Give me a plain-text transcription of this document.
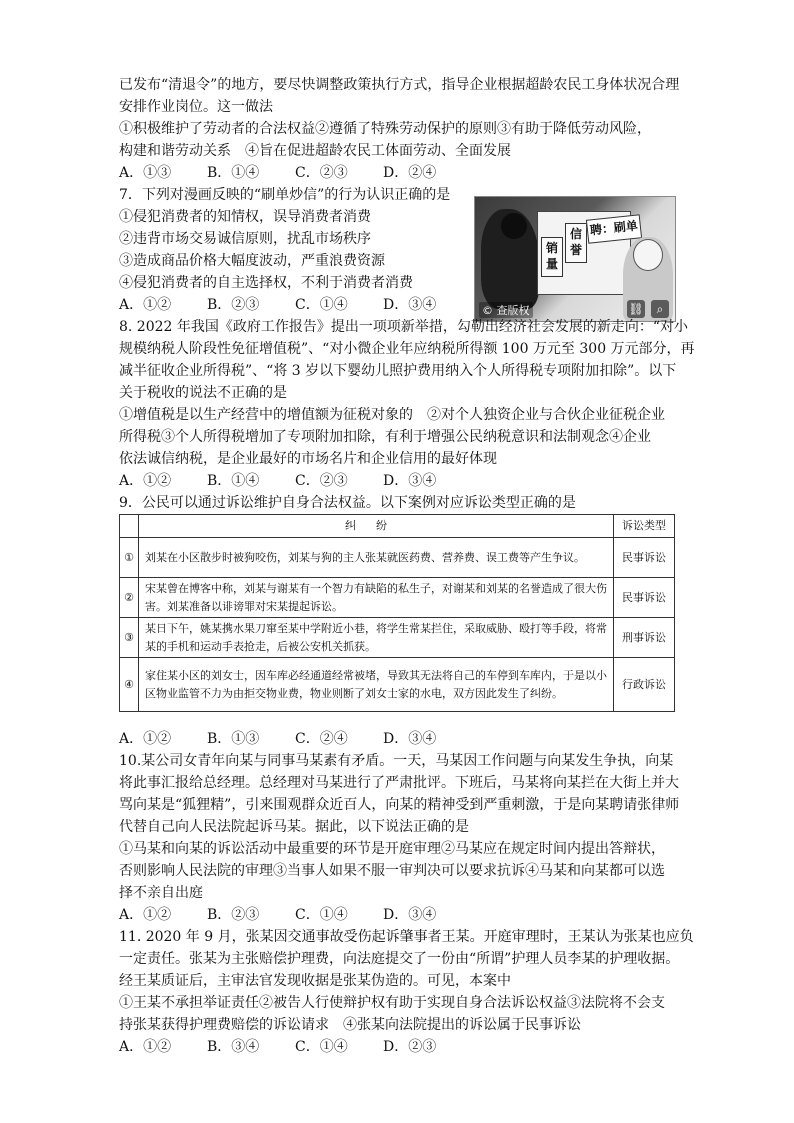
已发布“清退令”的地方，要尽快调整政策执行方式，指导企业根据超龄农民工身体状况合理
安排作业岗位。这一做法
①积极维护了劳动者的合法权益②遵循了特殊劳动保护的原则③有助于降低劳动风险，
构建和谐劳动关系　④旨在促进超龄农民工体面劳动、全面发展
A．①③	B．①④	C．②③	D．②④
7．下列对漫画反映的“刷单炒信”的行为认识正确的是
①侵犯消费者的知情权，误导消费者消费
②违背市场交易诚信原则，扰乱市场秩序
③造成商品价格大幅度波动，严重浪费资源
④侵犯消费者的自主选择权，不利于消费者消费
A．①②	B．②③	C．①④	D．③④
销量
信誉
聘：刷单
© 查版权	⛓	⌕
8. 2022 年我国《政府工作报告》提出一项项新举措，勾勒出经济社会发展的新走向：“对小
规模纳税人阶段性免征增值税”、“对小微企业年应纳税所得额 100 万元至 300 万元部分，再
减半征收企业所得税”、“将 3 岁以下婴幼儿照护费用纳入个人所得税专项附加扣除”。以下
关于税收的说法不正确的是
①增值税是以生产经营中的增值额为征税对象的　②对个人独资企业与合伙企业征税企业
所得税③个人所得税增加了专项附加扣除，有利于增强公民纳税意识和法制观念④企业
依法诚信纳税，是企业最好的市场名片和企业信用的最好体现
A．①②	B．①④	C．②③	D．③④
9．公民可以通过诉讼维护自身合法权益。以下案例对应诉讼类型正确的是
	纠纷	诉讼类型
①	刘某在小区散步时被狗咬伤，刘某与狗的主人张某就医药费、营养费、误工费等产生争议。	民事诉讼
②	宋某曾在博客中称，刘某与谢某有一个智力有缺陷的私生子，对谢某和刘某的名誉造成了很大伤害。刘某准备以诽谤罪对宋某提起诉讼。	民事诉讼
③	某日下午，姚某携水果刀窜至某中学附近小巷，将学生常某拦住，采取威胁、殴打等手段，将常某的手机和运动手表抢走，后被公安机关抓获。	刑事诉讼
④	家住某小区的刘女士，因车库必经通道经常被堵，导致其无法将自己的车停到车库内，于是以小区物业监管不力为由拒交物业费，物业则断了刘女士家的水电，双方因此发生了纠纷。	行政诉讼
A．①②	B．①③	C．②④	D．③④
10.某公司女青年向某与同事马某素有矛盾。一天，马某因工作问题与向某发生争执，向某
将此事汇报给总经理。总经理对马某进行了严肃批评。下班后，马某将向某拦在大街上并大
骂向某是“狐狸精”，引来围观群众近百人，向某的精神受到严重刺激，于是向某聘请张律师
代替自己向人民法院起诉马某。据此，以下说法正确的是
①马某和向某的诉讼活动中最重要的环节是开庭审理②马某应在规定时间内提出答辩状，
否则影响人民法院的审理③当事人如果不服一审判决可以要求抗诉④马某和向某都可以选
择不亲自出庭
A．①②	B．②③	C．①④	D．③④
11. 2020 年 9 月，张某因交通事故受伤起诉肇事者王某。开庭审理时，王某认为张某也应负
一定责任。张某为主张赔偿护理费，向法庭提交了一份由“所谓”护理人员李某的护理收据。
经王某质证后，主审法官发现收据是张某伪造的。可见，本案中
①王某不承担举证责任②被告人行使辩护权有助于实现自身合法诉讼权益③法院将不会支
持张某获得护理费赔偿的诉讼请求　④张某向法院提出的诉讼属于民事诉讼
A．①②	B．③④	C．①④	D．②③
